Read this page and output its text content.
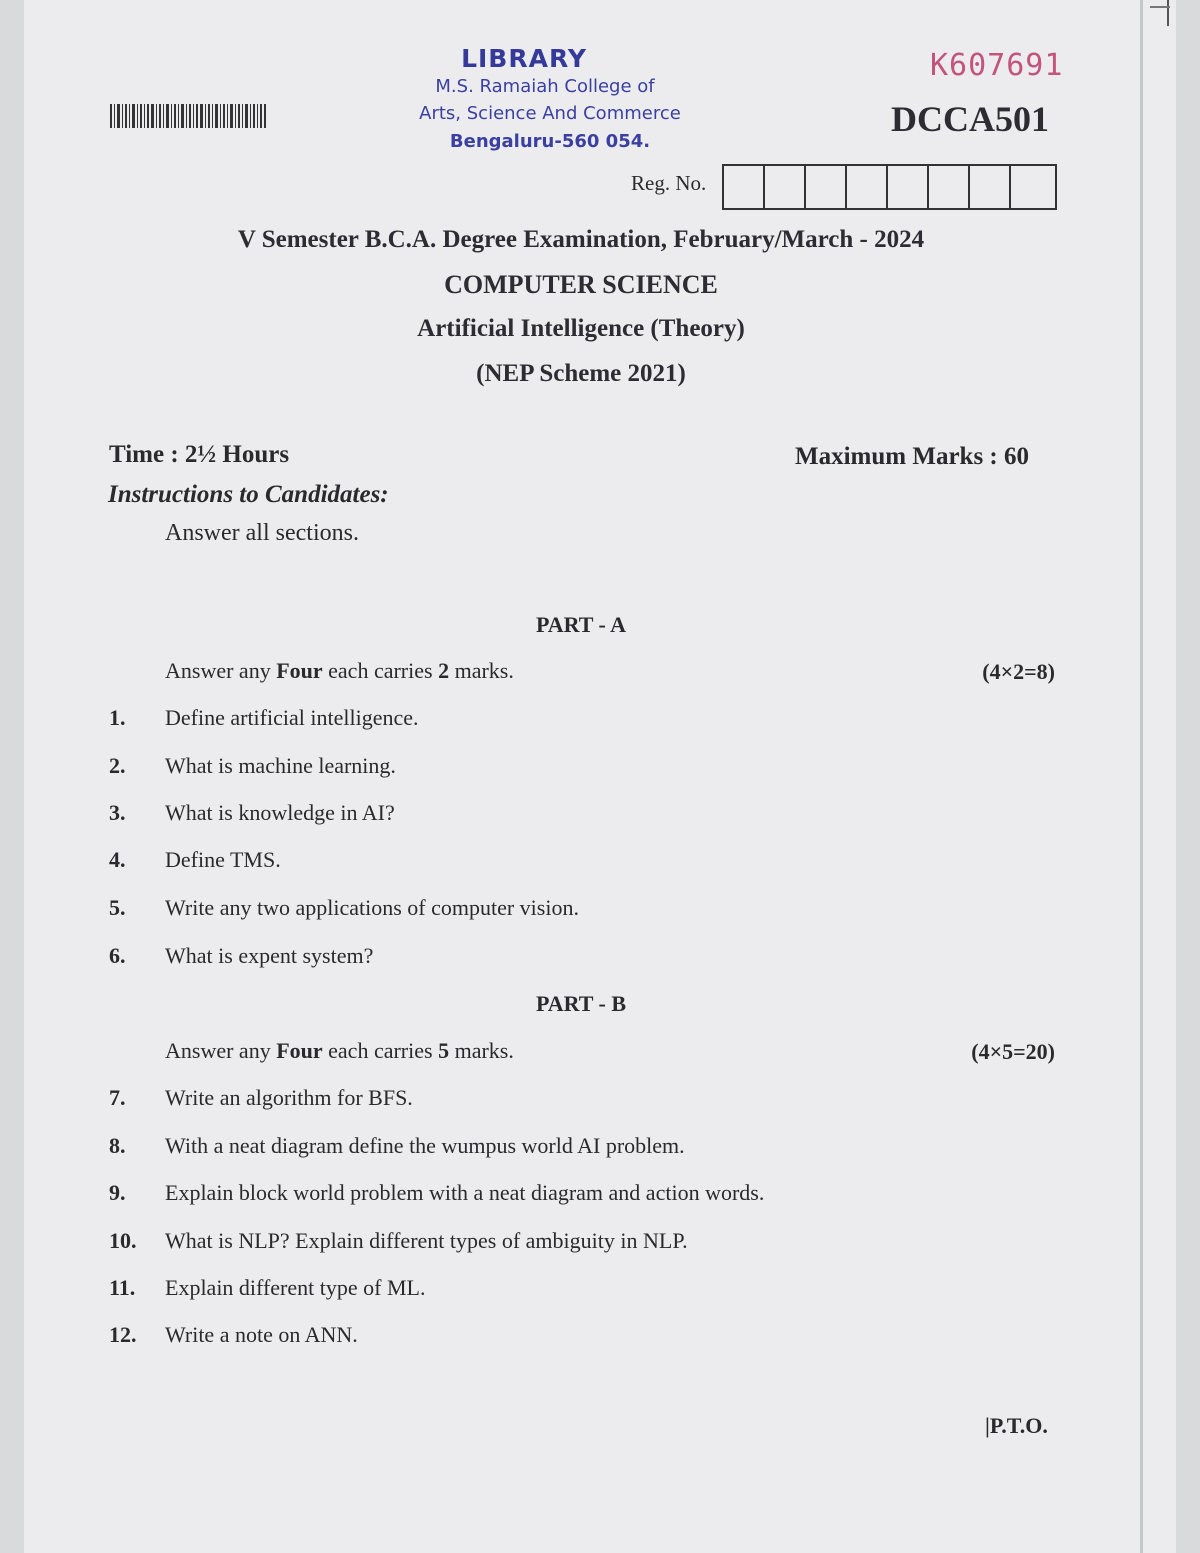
LIBRARY
M.S. Ramaiah College of
Arts, Science And Commerce
Bengaluru-560 054.
K607691
DCCA501
Reg. No.
V Semester B.C.A. Degree Examination, February/March - 2024
COMPUTER SCIENCE
Artificial Intelligence (Theory)
(NEP Scheme 2021)
Time : 2½ Hours	Maximum Marks : 60
Instructions to Candidates:
Answer all sections.
PART - A
Answer any Four each carries 2 marks.	(4×2=8)
1. Define artificial intelligence.
2. What is machine learning.
3. What is knowledge in AI?
4. Define TMS.
5. Write any two applications of computer vision.
6. What is expent system?
PART - B
Answer any Four each carries 5 marks.	(4×5=20)
7. Write an algorithm for BFS.
8. With a neat diagram define the wumpus world AI problem.
9. Explain block world problem with a neat diagram and action words.
10. What is NLP? Explain different types of ambiguity in NLP.
11. Explain different type of ML.
12. Write a note on ANN.
|P.T.O.
